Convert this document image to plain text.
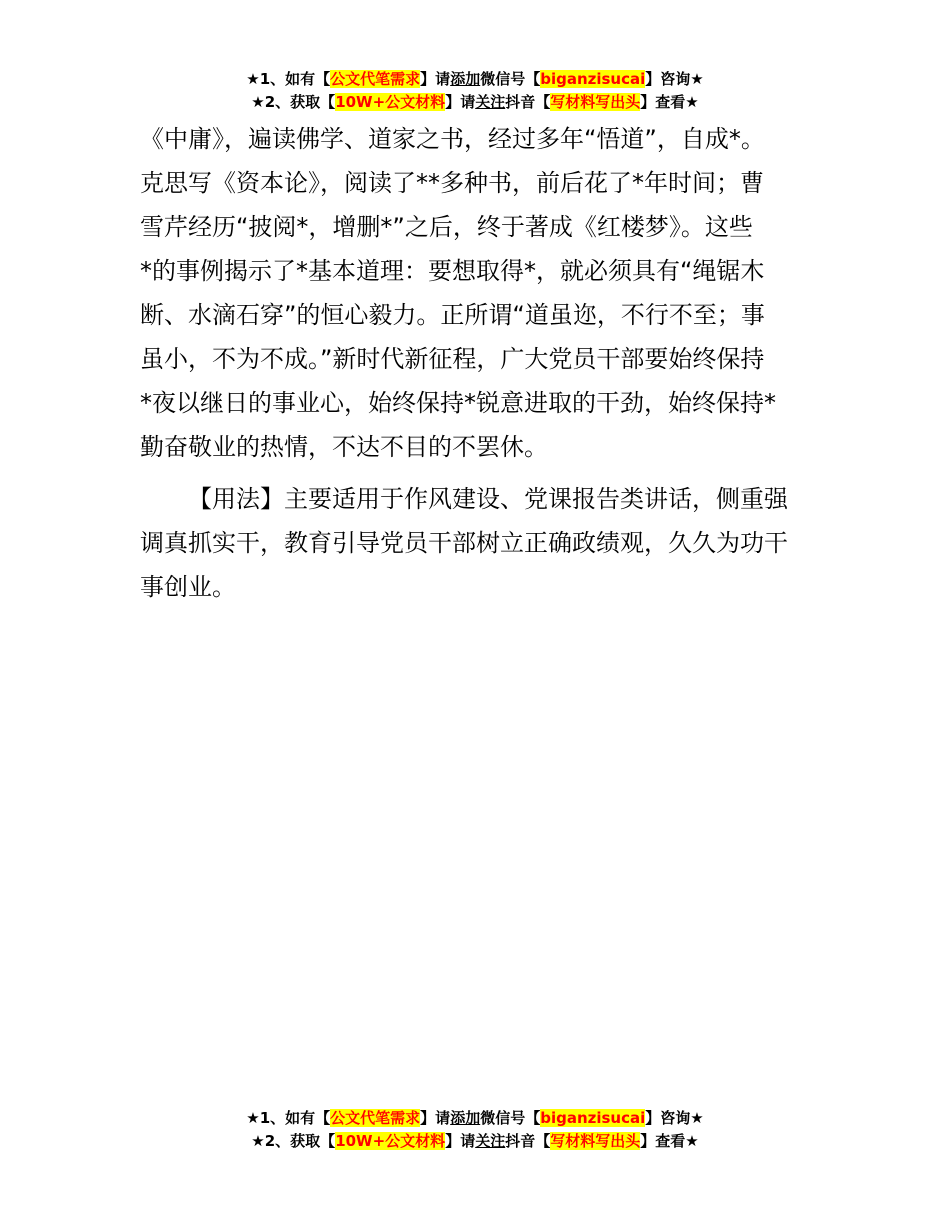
★1、如有【公文代笔需求】请添加微信号【biganzisucai】咨询★
★2、获取【10W+公文材料】请关注抖音【写材料写出头】查看★
《中庸》，遍读佛学、道家之书，经过多年“悟道”，自成*。
克思写《资本论》，阅读了**多种书，前后花了*年时间；曹
雪芹经历“披阅*，增删*”之后，终于著成《红楼梦》。这些
*的事例揭示了*基本道理：要想取得*，就必须具有“绳锯木
断、水滴石穿”的恒心毅力。正所谓“道虽迩，不行不至；事
虽小，不为不成。”新时代新征程，广大党员干部要始终保持
*夜以继日的事业心，始终保持*锐意进取的干劲，始终保持*
勤奋敬业的热情，不达不目的不罢休。
【用法】主要适用于作风建设、党课报告类讲话，侧重强
调真抓实干，教育引导党员干部树立正确政绩观，久久为功干
事创业。
★1、如有【公文代笔需求】请添加微信号【biganzisucai】咨询★
★2、获取【10W+公文材料】请关注抖音【写材料写出头】查看★
